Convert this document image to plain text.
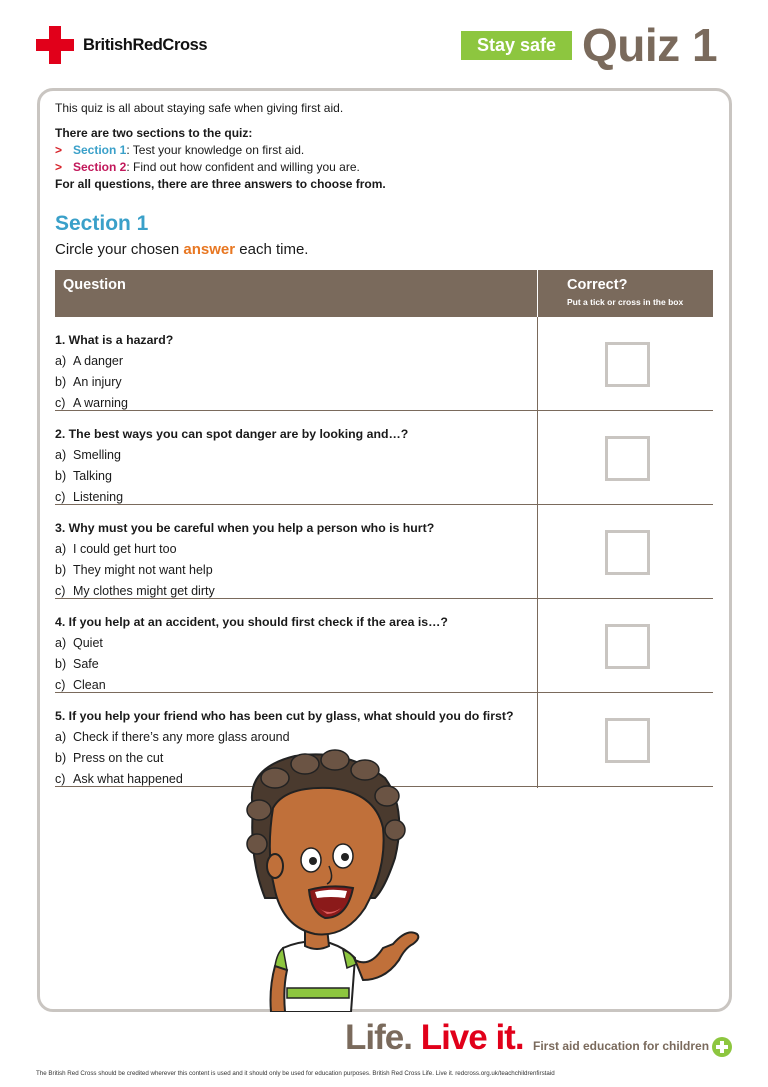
BritishRedCross	Stay safe Quiz 1
This quiz is all about staying safe when giving first aid.
There are two sections to the quiz:
> Section 1: Test your knowledge on first aid.
> Section 2: Find out how confident and willing you are.
For all questions, there are three answers to choose from.
Section 1
Circle your chosen answer each time.
Question	Correct?
Put a tick or cross in the box
1. What is a hazard?
a) A danger
b) An injury
c) A warning
2. The best ways you can spot danger are by looking and…?
a) Smelling
b) Talking
c) Listening
3. Why must you be careful when you help a person who is hurt?
a) I could get hurt too
b) They might not want help
c) My clothes might get dirty
4. If you help at an accident, you should first check if the area is…?
a) Quiet
b) Safe
c) Clean
5. If you help your friend who has been cut by glass, what should you do first?
a) Check if there’s any more glass around
b) Press on the cut
c) Ask what happened
Life. Live it. First aid education for children
The British Red Cross should be credited wherever this content is used and it should only be used for education purposes. British Red Cross Life. Live it. redcross.org.uk/teachchildrenfirstaid
